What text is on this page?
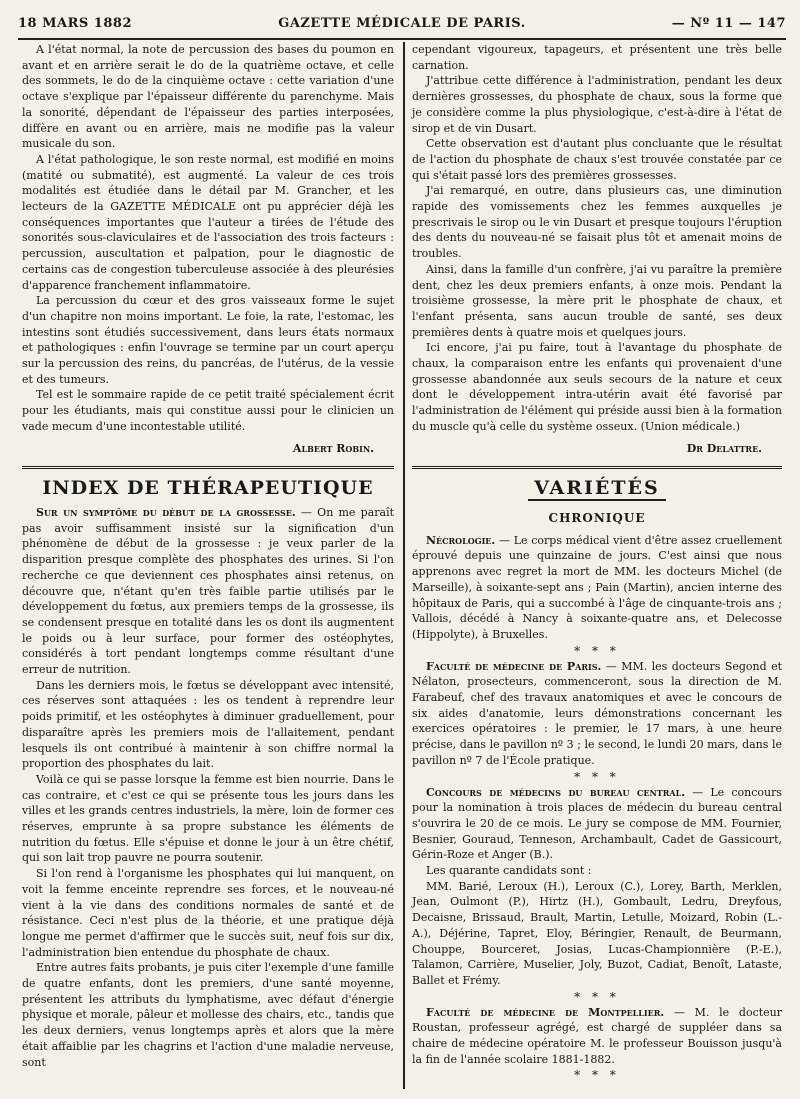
18 MARS 1882	GAZETTE MÉDICALE DE PARIS.	— Nº 11 — 147

A l'état normal, la note de percussion des bases du poumon en avant et en arrière serait le do de la quatrième octave, et celle des sommets, le do de la cinquième octave : cette variation d'une octave s'explique par l'épaisseur différente du parenchyme. Mais la sonorité, dépendant de l'épaisseur des parties interposées, diffère en avant ou en arrière, mais ne modifie pas la valeur musicale du son.

A l'état pathologique, le son reste normal, est modifié en moins (matité ou submatité), est augmenté. La valeur de ces trois modalités est étudiée dans le détail par M. Grancher, et les lecteurs de la GAZETTE MÉDICALE ont pu apprécier déjà les conséquences importantes que l'auteur a tirées de l'étude des sonorités sous-claviculaires et de l'association des trois facteurs : percussion, auscultation et palpation, pour le diagnostic de certains cas de congestion tuberculeuse associée à des pleurésies d'apparence franchement inflammatoire.

La percussion du cœur et des gros vaisseaux forme le sujet d'un chapitre non moins important. Le foie, la rate, l'estomac, les intestins sont étudiés successivement, dans leurs états normaux et pathologiques : enfin l'ouvrage se termine par un court aperçu sur la percussion des reins, du pancréas, de l'utérus, de la vessie et des tumeurs.

Tel est le sommaire rapide de ce petit traité spécialement écrit pour les étudiants, mais qui constitue aussi pour le clinicien un vade mecum d'une incontestable utilité.

Albert Robin.
INDEX DE THÉRAPEUTIQUE

Sur un symptôme du début de la grossesse. — On me paraît pas avoir suffisamment insisté sur la signification d'un phénomène de début de la grossesse : je veux parler de la disparition presque complète des phosphates des urines. Si l'on recherche ce que deviennent ces phosphates ainsi retenus, on découvre que, n'étant qu'en très faible partie utilisés par le développement du fœtus, aux premiers temps de la grossesse, ils se condensent presque en totalité dans les os dont ils augmentent le poids ou à leur surface, pour former des ostéophytes, considérés à tort pendant longtemps comme résultant d'une erreur de nutrition.

Dans les derniers mois, le fœtus se développant avec intensité, ces réserves sont attaquées : les os tendent à reprendre leur poids primitif, et les ostéophytes à diminuer graduellement, pour disparaître après les premiers mois de l'allaitement, pendant lesquels ils ont contribué à maintenir à son chiffre normal la proportion des phosphates du lait.

Voilà ce qui se passe lorsque la femme est bien nourrie. Dans le cas contraire, et c'est ce qui se présente tous les jours dans les villes et les grands centres industriels, la mère, loin de former ces réserves, emprunte à sa propre substance les éléments de nutrition du fœtus. Elle s'épuise et donne le jour à un être chétif, qui son lait trop pauvre ne pourra soutenir.

Si l'on rend à l'organisme les phosphates qui lui manquent, on voit la femme enceinte reprendre ses forces, et le nouveau-né vient à la vie dans des conditions normales de santé et de résistance. Ceci n'est plus de la théorie, et une pratique déjà longue me permet d'affirmer que le succès suit, neuf fois sur dix, l'administration bien entendue du phosphate de chaux.

Entre autres faits probants, je puis citer l'exemple d'une famille de quatre enfants, dont les premiers, d'une santé moyenne, présentent les attributs du lymphatisme, avec défaut d'énergie physique et morale, pâleur et mollesse des chairs, etc., tandis que les deux derniers, venus longtemps après et alors que la mère était affaiblie par les chagrins et l'action d'une maladie nerveuse, sont

cependant vigoureux, tapageurs, et présentent une très belle carnation.

J'attribue cette différence à l'administration, pendant les deux dernières grossesses, du phosphate de chaux, sous la forme que je considère comme la plus physiologique, c'est-à-dire à l'état de sirop et de vin Dusart.

Cette observation est d'autant plus concluante que le résultat de l'action du phosphate de chaux s'est trouvée constatée par ce qui s'était passé lors des premières grossesses.

J'ai remarqué, en outre, dans plusieurs cas, une diminution rapide des vomissements chez les femmes auxquelles je prescrivais le sirop ou le vin Dusart et presque toujours l'éruption des dents du nouveau-né se faisait plus tôt et amenait moins de troubles.

Ainsi, dans la famille d'un confrère, j'ai vu paraître la première dent, chez les deux premiers enfants, à onze mois. Pendant la troisième grossesse, la mère prit le phosphate de chaux, et l'enfant présenta, sans aucun trouble de santé, ses deux premières dents à quatre mois et quelques jours.

Ici encore, j'ai pu faire, tout à l'avantage du phosphate de chaux, la comparaison entre les enfants qui provenaient d'une grossesse abandonnée aux seuls secours de la nature et ceux dont le développement intra-utérin avait été favorisé par l'administration de l'élément qui préside aussi bien à la formation du muscle qu'à celle du système osseux. (Union médicale.)

Dr Delattre.
VARIÉTÉS
CHRONIQUE

Nécrologie. — Le corps médical vient d'être assez cruellement éprouvé depuis une quinzaine de jours. C'est ainsi que nous apprenons avec regret la mort de MM. les docteurs Michel (de Marseille), à soixante-sept ans ; Pain (Martin), ancien interne des hôpitaux de Paris, qui a succombé à l'âge de cinquante-trois ans ; Vallois, décédé à Nancy à soixante-quatre ans, et Delecosse (Hippolyte), à Bruxelles.

* * *

Faculté de médecine de Paris. — MM. les docteurs Segond et Nélaton, prosecteurs, commenceront, sous la direction de M. Farabeuf, chef des travaux anatomiques et avec le concours de six aides d'anatomie, leurs démonstrations concernant les exercices opératoires : le premier, le 17 mars, à une heure précise, dans le pavillon nº 3 ; le second, le lundi 20 mars, dans le pavillon nº 7 de l'École pratique.

* * *

Concours de médecins du bureau central. — Le concours pour la nomination à trois places de médecin du bureau central s'ouvrira le 20 de ce mois. Le jury se compose de MM. Fournier, Besnier, Gouraud, Tenneson, Archambault, Cadet de Gassicourt, Gérin-Roze et Anger (B.).

Les quarante candidats sont :

MM. Barié, Leroux (H.), Leroux (C.), Lorey, Barth, Merklen, Jean, Oulmont (P.), Hirtz (H.), Gombault, Ledru, Dreyfous, Decaisne, Brissaud, Brault, Martin, Letulle, Moizard, Robin (L.-A.), Déjérine, Tapret, Eloy, Béringier, Renault, de Beurmann, Chouppe, Bourceret, Josias, Lucas-Championnière (P.-E.), Talamon, Carrière, Muselier, Joly, Buzot, Cadiat, Benoît, Lataste, Ballet et Frémy.

* * *

Faculté de médecine de Montpellier. — M. le docteur Roustan, professeur agrégé, est chargé de suppléer dans sa chaire de médecine opératoire M. le professeur Bouisson jusqu'à la fin de l'année scolaire 1881-1882.

* * *
